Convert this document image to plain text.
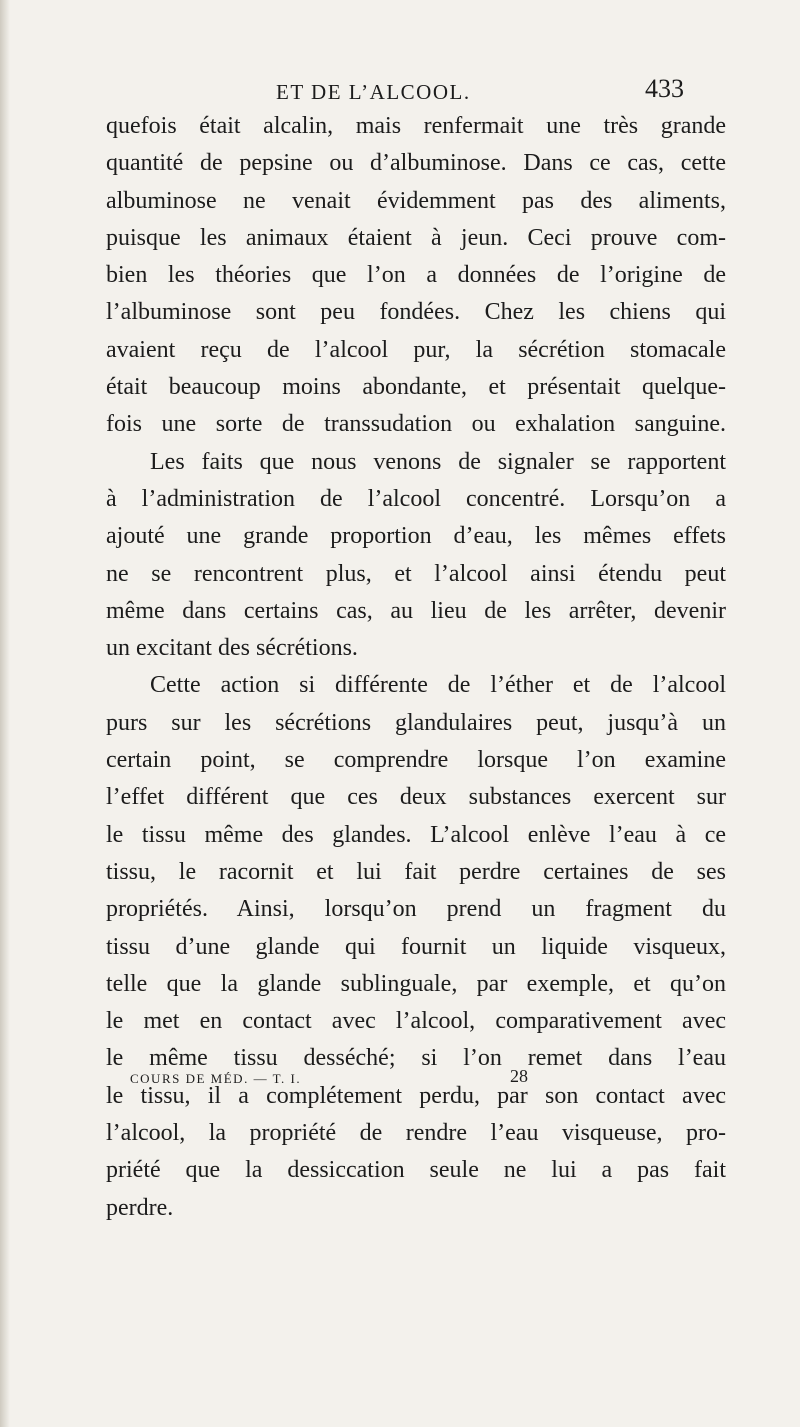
ET DE L’ALCOOL.	433
quefois était alcalin, mais renfermait une très grande
quantité de pepsine ou d’albuminose. Dans ce cas, cette
albuminose ne venait évidemment pas des aliments,
puisque les animaux étaient à jeun. Ceci prouve com-
bien les théories que l’on a données de l’origine de
l’albuminose sont peu fondées. Chez les chiens qui
avaient reçu de l’alcool pur, la sécrétion stomacale
était beaucoup moins abondante, et présentait quelque-
fois une sorte de transsudation ou exhalation sanguine.
Les faits que nous venons de signaler se rapportent
à l’administration de l’alcool concentré. Lorsqu’on a
ajouté une grande proportion d’eau, les mêmes effets
ne se rencontrent plus, et l’alcool ainsi étendu peut
même dans certains cas, au lieu de les arrêter, devenir
un excitant des sécrétions.
Cette action si différente de l’éther et de l’alcool
purs sur les sécrétions glandulaires peut, jusqu’à un
certain point, se comprendre lorsque l’on examine
l’effet différent que ces deux substances exercent sur
le tissu même des glandes. L’alcool enlève l’eau à ce
tissu, le racornit et lui fait perdre certaines de ses
propriétés. Ainsi, lorsqu’on prend un fragment du
tissu d’une glande qui fournit un liquide visqueux,
telle que la glande sublinguale, par exemple, et qu’on
le met en contact avec l’alcool, comparativement avec
le même tissu desséché; si l’on remet dans l’eau
le tissu, il a complétement perdu, par son contact avec
l’alcool, la propriété de rendre l’eau visqueuse, pro-
priété que la dessiccation seule ne lui a pas fait
perdre.
COURS DE MÉD. — T. I.	28
